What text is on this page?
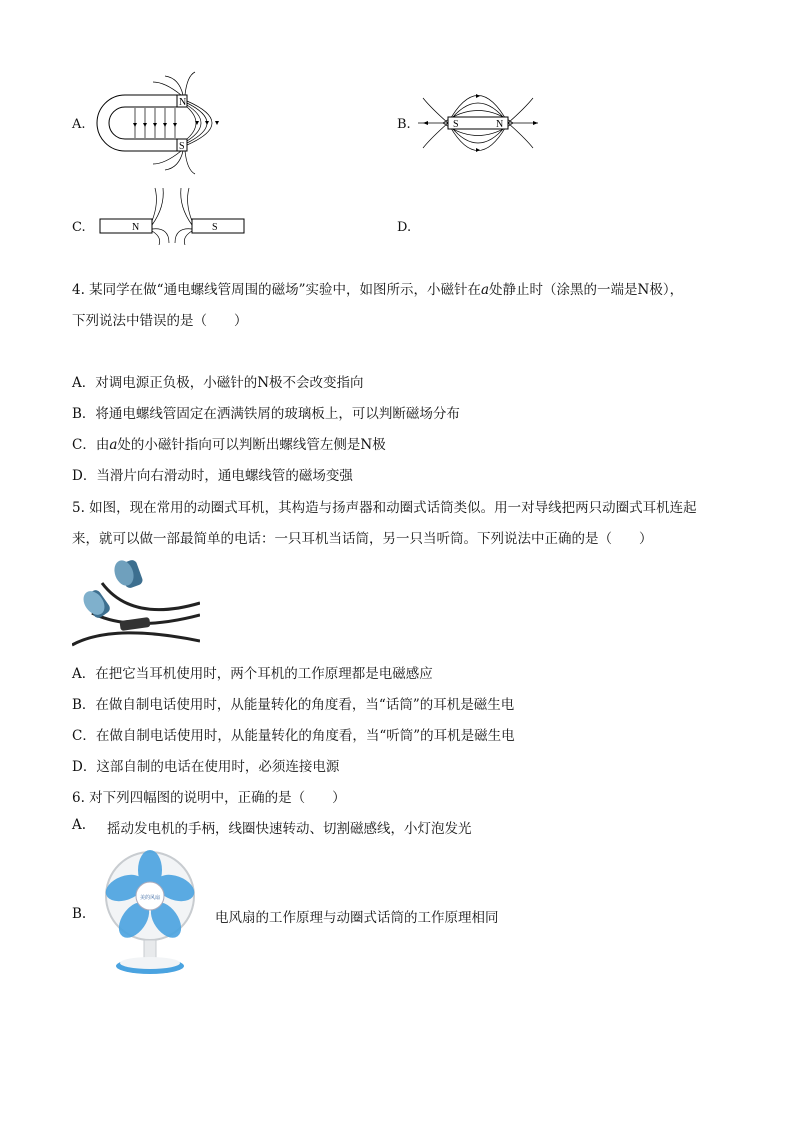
A.
N
S
B.	S	N
C.	N	S	D.
4. 某同学在做“通电螺线管周围的磁场”实验中，如图所示，小磁针在a处静止时（涂黑的一端是N极），
下列说法中错误的是（　　）
A．对调电源正负极，小磁针的N极不会改变指向
B．将通电螺线管固定在洒满铁屑的玻璃板上，可以判断磁场分布
C．由a处的小磁针指向可以判断出螺线管左侧是N极
D．当滑片向右滑动时，通电螺线管的磁场变强
5. 如图，现在常用的动圈式耳机，其构造与扬声器和动圈式话筒类似。用一对导线把两只动圈式耳机连起
来，就可以做一部最简单的电话：一只耳机当话筒，另一只当听筒。下列说法中正确的是（　　）
A．在把它当耳机使用时，两个耳机的工作原理都是电磁感应
B．在做自制电话使用时，从能量转化的角度看，当“话筒”的耳机是磁生电
C．在做自制电话使用时，从能量转化的角度看，当“听筒”的耳机是磁生电
D．这部自制的电话在使用时，必须连接电源
6. 对下列四幅图的说明中，正确的是（　　）
A. 摇动发电机的手柄，线圈快速转动、切割磁感线，小灯泡发光
B.
美的风扇
电风扇的工作原理与动圈式话筒的工作原理相同
